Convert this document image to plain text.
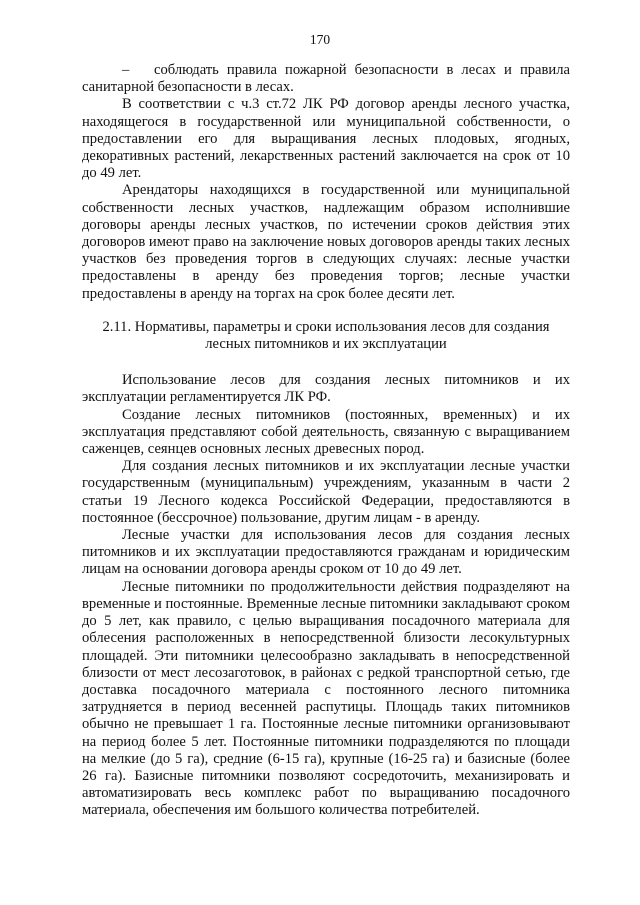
170

– соблюдать правила пожарной безопасности в лесах и правила санитарной безопасности в лесах.

В соответствии с ч.3 ст.72 ЛК РФ договор аренды лесного участка, находящегося в государственной или муниципальной собственности, о предоставлении его для выращивания лесных плодовых, ягодных, декоративных растений, лекарственных растений заключается на срок от 10 до 49 лет.

Арендаторы находящихся в государственной или муниципальной собственности лесных участков, надлежащим образом исполнившие договоры аренды лесных участков, по истечении сроков действия этих договоров имеют право на заключение новых договоров аренды таких лесных участков без проведения торгов в следующих случаях: лесные участки предоставлены в аренду без проведения торгов; лесные участки предоставлены в аренду на торгах на срок более десяти лет.

2.11. Нормативы, параметры и сроки использования лесов для создания
лесных питомников и их эксплуатации

Использование лесов для создания лесных питомников и их эксплуатации регламентируется ЛК РФ.

Создание лесных питомников (постоянных, временных) и их эксплуатация представляют собой деятельность, связанную с выращиванием саженцев, сеянцев основных лесных древесных пород.

Для создания лесных питомников и их эксплуатации лесные участки государственным (муниципальным) учреждениям, указанным в части 2 статьи 19 Лесного кодекса Российской Федерации, предоставляются в постоянное (бессрочное) пользование, другим лицам - в аренду.

Лесные участки для использования лесов для создания лесных питомников и их эксплуатации предоставляются гражданам и юридическим лицам на основании договора аренды сроком от 10 до 49 лет.

Лесные питомники по продолжительности действия подразделяют на временные и постоянные. Временные лесные питомники закладывают сроком до 5 лет, как правило, с целью выращивания посадочного материала для облесения расположенных в непосредственной близости лесокультурных площадей. Эти питомники целесообразно закладывать в непосредственной близости от мест лесозаготовок, в районах с редкой транспортной сетью, где доставка посадочного материала с постоянного лесного питомника затрудняется в период весенней распутицы. Площадь таких питомников обычно не превышает 1 га. Постоянные лесные питомники организовывают на период более 5 лет. Постоянные питомники подразделяются по площади на мелкие (до 5 га), средние (6-15 га), крупные (16-25 га) и базисные (более 26 га). Базисные питомники позволяют сосредоточить, механизировать и автоматизировать весь комплекс работ по выращиванию посадочного материала, обеспечения им большого количества потребителей.
